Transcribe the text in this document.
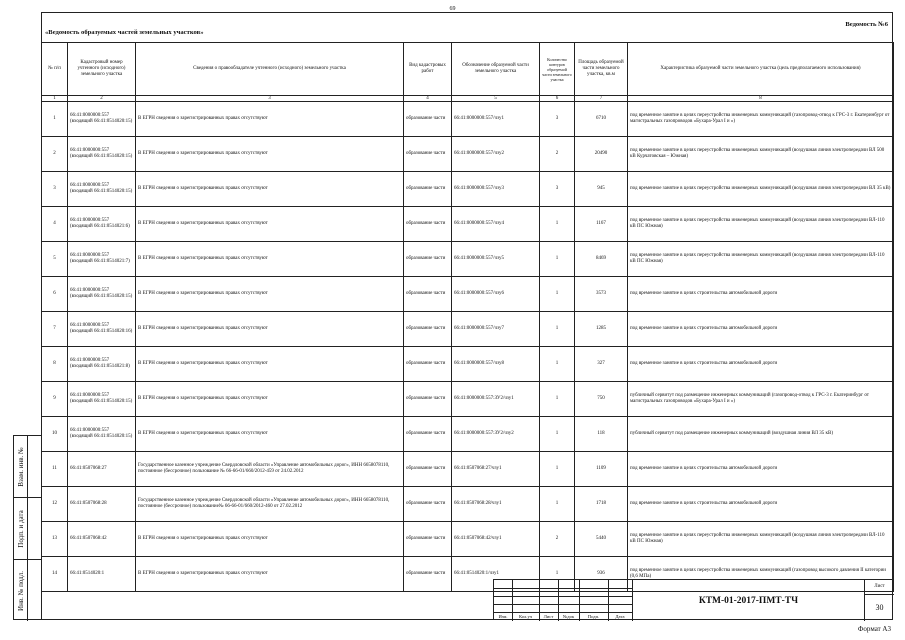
69
Взам. инв. №
Подп. и дата
Инв. № подл.
«Ведомость образуемых частей земельных участков»
Ведомость №6
№ п/п	Кадастровый номер учтенного (исходного) земельного участка	Сведения о правообладателе учтенного (исходного) земельного участка	Вид кадастровых работ	Обозначение образуемой части земельного участка	Количество контуров образуемой части земельного участка	Площадь образуемой части земельного участка, кв.м	Характеристика образуемой части земельного участка (цель предполагаемого использования)
1	2	3	4	5	6	7	8
1	66:41:0000000:557 (входящий 66:41:0514020:15)	В ЕГРН сведения о зарегистрированных правах отсутствуют	образование части	66:41:0000000:557/чзу1	3	6710	под временное занятие в целях переустройства инженерных коммуникаций (газопровод-отвод к ГРС-3 г. Екатеринбург от магистральных газопроводов «Бухара-Урал I и »)
2	66:41:0000000:557 (входящий 66:41:0514020:15)	В ЕГРН сведения о зарегистрированных правах отсутствуют	образование части	66:41:0000000:557/чзу2	2	20490	под временное занятие в целях переустройства инженерных коммуникаций (воздушная линия электропередачи ВЛ 500 кВ Курчатовская – Южная)
3	66:41:0000000:557 (входящий 66:41:0514020:15)	В ЕГРН сведения о зарегистрированных правах отсутствуют	образование части	66:41:0000000:557/чзу3	3	945	под временное занятие в целях переустройства инженерных коммуникаций (воздушная линия электропередачи ВЛ 35 кВ)
4	66:41:0000000:557 (входящий 66:41:0514021:6)	В ЕГРН сведения о зарегистрированных правах отсутствуют	образование части	66:41:0000000:557/чзу4	1	1167	под временное занятие в целях переустройства инженерных коммуникаций (воздушная линия электропередачи ВЛ-110 кВ ПС Южная)
5	66:41:0000000:557 (входящий 66:41:0514021:7)	В ЕГРН сведения о зарегистрированных правах отсутствуют	образование части	66:41:0000000:557/чзу5	1	8469	под временное занятие в целях переустройства инженерных коммуникаций (воздушная линия электропередачи ВЛ-110 кВ ПС Южная)
6	66:41:0000000:557 (входящий 66:41:0514020:15)	В ЕГРН сведения о зарегистрированных правах отсутствуют	образование части	66:41:0000000:557/чзу6	1	3573	под временное занятие в целях строительства автомобильной дороги
7	66:41:0000000:557 (входящий 66:41:0514020:16)	В ЕГРН сведения о зарегистрированных правах отсутствуют	образование части	66:41:0000000:557/чзу7	1	1285	под временное занятие в целях строительства автомобильной дороги
8	66:41:0000000:557 (входящий 66:41:0514021:8)	В ЕГРН сведения о зарегистрированных правах отсутствуют	образование части	66:41:0000000:557/чзу8	1	327	под временное занятие в целях строительства автомобильной дороги
9	66:41:0000000:557 (входящий 66:41:0514020:15)	В ЕГРН сведения о зарегистрированных правах отсутствуют	образование части	66:41:0000000:557:ЗУ2/чзу1	1	750	публичный сервитут под размещение инженерных коммуникаций (газопровод-отвод к ГРС-3 г. Екатеринбург от магистральных газопроводов «Бухара-Урал I и »)
10	66:41:0000000:557 (входящий 66:41:0514020:15)	В ЕГРН сведения о зарегистрированных правах отсутствуют	образование части	66:41:0000000:557:ЗУ2/чзу2	1	118	публичный сервитут под размещение инженерных коммуникаций (воздушная линия ВЛ 35 кВ)
11	66:41:0507068:27	Государственное казенное учреждение Свердловской области «Управление автомобильных дорог», ИНН 6658078110, постоянное (бессрочное) пользование № 66-66-01/660/2012-459 от 24.02.2012	образование части	66:41:0507068:27/чзу1	1	1109	под временное занятие в целях строительства автомобильной дороги
12	66:41:0507068:28	Государственное казенное учреждение Свердловской области «Управление автомобильных дорог», ИНН 6658078110, постоянное (бессрочное) пользование№ 66-66-01/660/2012-460 от 27.02.2012	образование части	66:41:0507068:28/чзу1	1	1718	под временное занятие в целях строительства автомобильной дороги
13	66:41:0507068:42	В ЕГРН сведения о зарегистрированных правах отсутствуют	образование части	66:41:0507068:42/чзу1	2	5440	под временное занятие в целях переустройства инженерных коммуникаций (воздушная линия электропередачи ВЛ-110 кВ ПС Южная)
14	66:41:0514020:1	В ЕГРН сведения о зарегистрированных правах отсутствуют	образование части	66:41:0514020:1/чзу1	1	936	под временное занятие в целях переустройства инженерных коммуникаций (газопровод высокого давления II категории (0,6 МПа)
Изм.	Кол.уч	Лист	№док	Подп.	Дата
КТМ-01-2017-ПМТ-ТЧ
Лист
30
Формат А3
